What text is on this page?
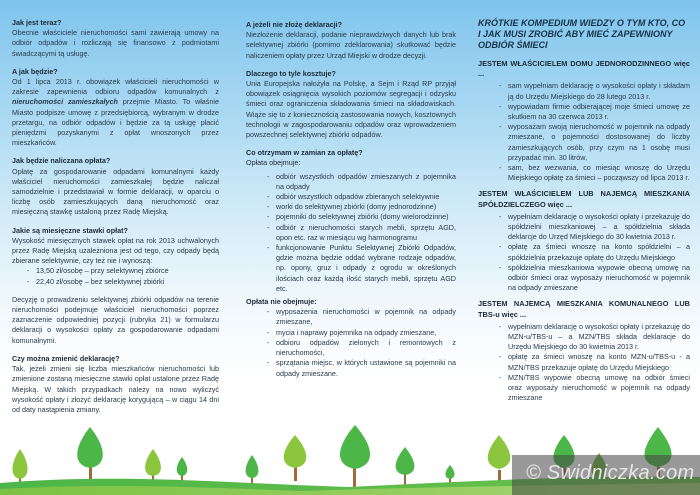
Jak jest teraz?

Obecnie właściciele nieruchomości sami zawierają umowy na odbiór odpadów i rozliczają się finansowo z podmiotami świadczącymi tą usługę.

A jak będzie?

Od 1 lipca 2013 r. obowiązek właścicieli nieruchomości w zakresie zapewnienia odbioru odpadów komunalnych z nieruchomości zamieszkałych przejmie Miasto. To właśnie Miasto podpisze umowę z przedsiębiorcą, wybranym w drodze przetargu, na odbiór odpadów i będzie za tą usługę płacić pieniędzmi pozyskanymi z opłat wnoszonych przez mieszkańców.

Jak będzie naliczana opłata?

Opłatę za gospodarowanie odpadami komunalnymi każdy właściciel nieruchomości zamieszkałej będzie naliczał samodzielnie i przedstawiał w formie deklaracji, w oparciu o liczbę osób zamieszkujących daną nieruchomość oraz miesięczną stawkę ustaloną przez Radę Miejską.

Jakie są miesięczne stawki opłat?

Wysokość miesięcznych stawek opłat na rok 2013 uchwalonych przez Radę Miejską uzależniona jest od tego, czy odpady będą zbierane selektywnie, czy też nie i wynoszą:

- 13,50 zł/osobę – przy selektywnej zbiórce
- 22,40 zł/osobę – bez selektywnej zbiórki

Decyzję o prowadzeniu selektywnej zbiórki odpadów na terenie nieruchomości podejmuje właściciel nieruchomości poprzez zaznaczenie odpowiedniej pozycji (rubryka 21) w formularzu deklaracji o wysokości opłaty za gospodarowanie odpadami komunalnymi.

Czy można zmienić deklarację?

Tak, jeżeli zmieni się liczba mieszkańców nieruchomości lub zmienione zostaną miesięczne stawki opłat ustalone przez Radę Miejską. W takich przypadkach należy na nowo wyliczyć wysokość opłaty i złożyć deklarację korygującą – w ciągu 14 dni od daty nastąpienia zmiany.

A jeżeli nie złożę deklaracji?

Niezłożenie deklaracji, podanie nieprawdziwych danych lub brak selektywnej zbiórki (pomimo zdeklarowania) skutkować będzie naliczeniem opłaty przez Urząd Miejski w drodze decyzji.

Dlaczego to tyle kosztuje?

Unia Europejska nałożyła na Polskę, a Sejm i Rząd RP przyjął obowiązek osiągnięcia wysokich poziomów segregacji i odzysku śmieci oraz ograniczenia składowania śmieci na składowiskach. Wiąże się to z koniecznością zastosowania nowych, kosztownych technologii w zagospodarowaniu odpadów oraz wprowadzeniem powszechnej selektywnej zbiórki odpadów.

Co otrzymam w zamian za opłatę?

Opłata obejmuje:

- odbiór wszystkich odpadów zmieszanych z pojemnika na odpady
- odbiór wszystkich odpadów zbieranych selektywnie
- worki do selektywnej zbiórki (domy jednorodzinne)
- pojemniki do selektywnej zbiórki (domy wielorodzinne)
- odbiór z nieruchomości starych mebli, sprzętu AGD, opon etc. raz w miesiącu wg harmonogramu
- funkcjonowanie Punktu Selektywnej Zbiórki Odpadów, gdzie można będzie oddać wybrane rodzaje odpadów, np. opony, gruz i odpady z ogrodu w określonych ilościach oraz każdą ilość starych mebli, sprzętu AGD etc.

Opłata nie obejmuje:

- wyposażenia nieruchomości w pojemnik na odpady zmieszane,
- mycia i naprawy pojemnika na odpady zmieszane,
- odbioru odpadów zielonych i remontowych z nieruchomości,
- sprzątania miejsc, w których ustawione są pojemniki na odpady zmieszane.

KRÓTKIE KOMPEDIUM WIEDZY O TYM KTO, CO I JAK MUSI ZROBIĆ ABY MIEĆ ZAPEWNIONY ODBIÓR ŚMIECI

JESTEM WŁAŚCICIELEM DOMU JEDNORODZINNEGO więc ...

- sam wypełniam deklarację o wysokości opłaty i składam ją do Urzędu Miejskiego do 28 lutego 2013 r.
- wypowiadam firmie odbierającej moje śmieci umowę ze skutkiem na 30 czerwca 2013 r.
- wyposażam swoją nieruchomość w pojemnik na odpady zmieszane, o pojemności dostosowanej do liczby zamieszkujących osób, przy czym na 1 osobę musi przypadać min. 30 litrów,
- sam, bez wezwania, co miesiąc wnoszę do Urzędu Miejskiego opłatę za śmieci – począwszy od lipca 2013 r.

JESTEM WŁAŚCICIELEM LUB NAJEMCĄ MIESZKANIA SPÓŁDZIELCZEGO więc ...

- wypełniam deklarację o wysokości opłaty i przekazuję do spółdzielni mieszkaniowej – a spółdzielnia składa deklarcje do Urzęd Miejskiego do 30 kwietnia 2013 r.
- opłatę za śmieci wnoszę na konto spółdzielni – a spółdzielnia przekazuje opłatę do Urzędu Miejskiego
- spółdzielnia mieszkaniowa wypowie obecną umowę na odbiór śmieci oraz wyposaży nieruchomość w pojemnik na odpady zmieszane

JESTEM NAJEMCĄ MIESZKANIA KOMUNALNEGO LUB TBS-u więc ...

- wypełniam deklarację o wysokości opłaty i przekazuję do MZN-u/TBS-u – a MZN/TBS składa deklaracje do Urzędu Miejskiego do 30 kwietnia 2013 r.
- opłatę za śmieci wnoszę na konto MZN-u/TBS-u - a MZN/TBS przekazuje opłatę do Urzędu Miejskiego
- MZN/TBS wypowie obecną umowę na odbiór śmieci oraz wyposaży nieruchomość w pojemnik na odpady zmieszane
© Swidniczka.com
